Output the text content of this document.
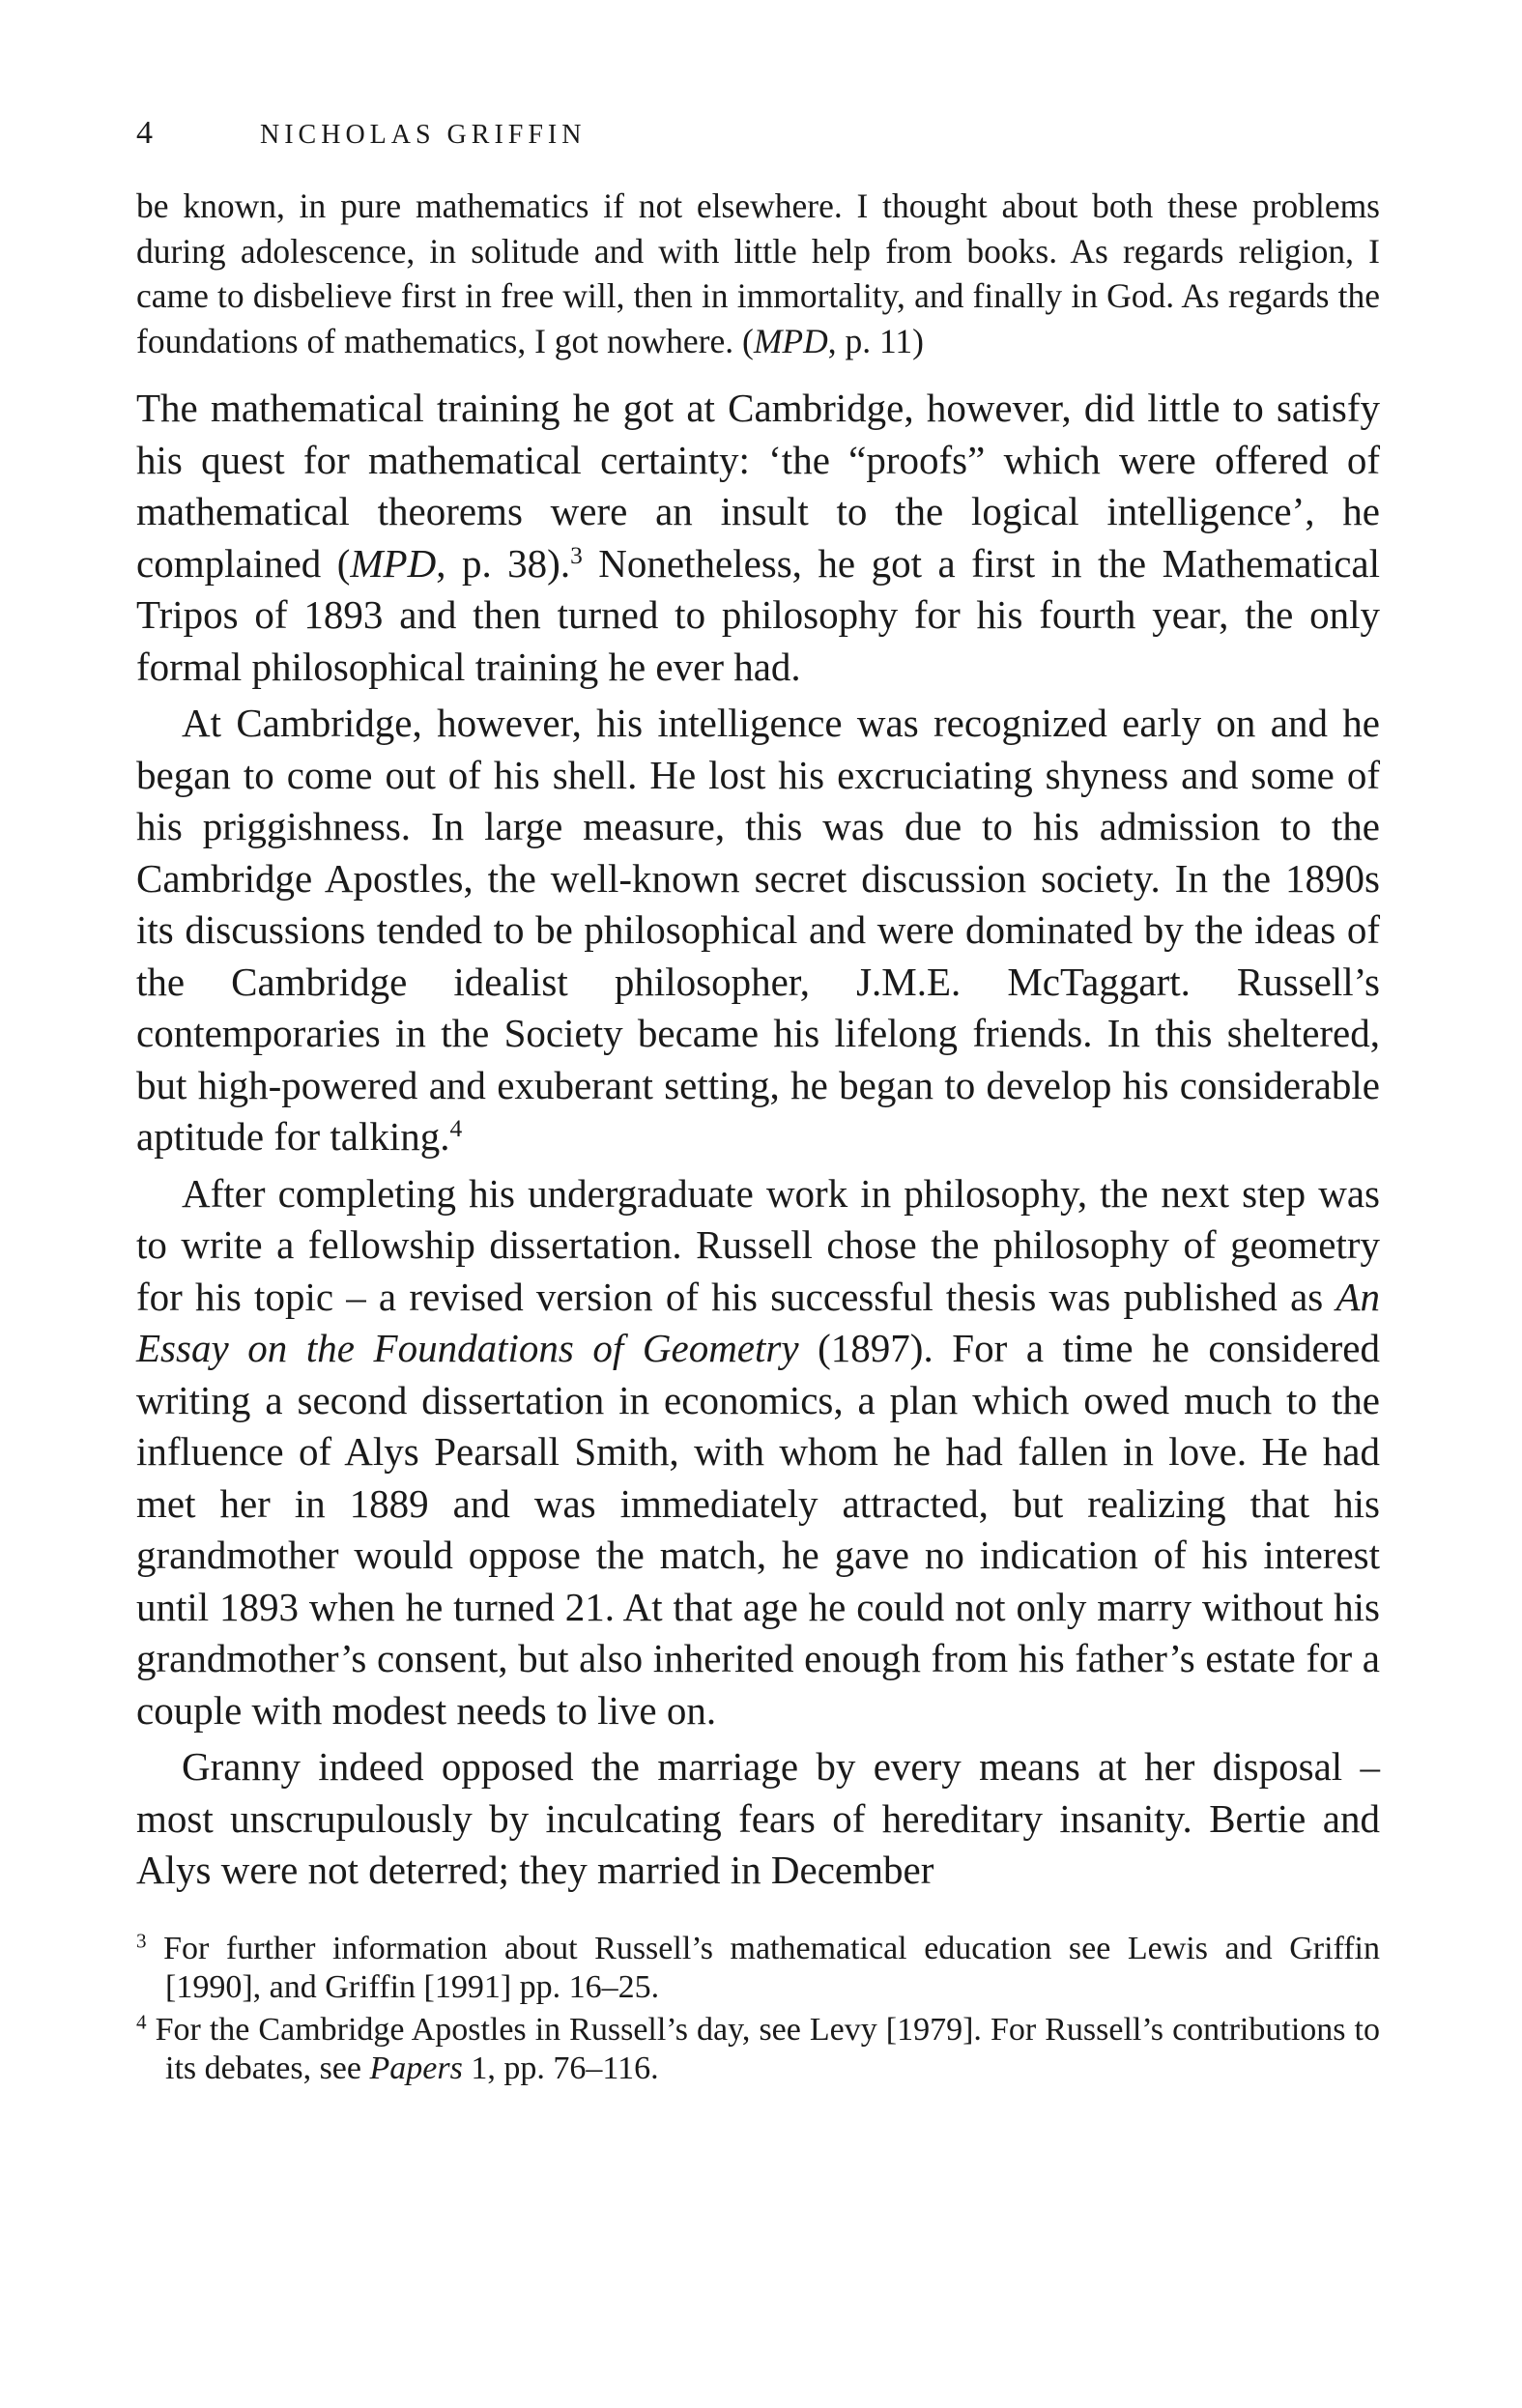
4	NICHOLAS GRIFFIN

be known, in pure mathematics if not elsewhere. I thought about both these problems during adolescence, in solitude and with little help from books. As regards religion, I came to disbelieve first in free will, then in immortality, and finally in God. As regards the foundations of mathematics, I got nowhere. (MPD, p. 11)

The mathematical training he got at Cambridge, however, did little to satisfy his quest for mathematical certainty: ‘the “proofs” which were offered of mathematical theorems were an insult to the logical intelligence’, he complained (MPD, p. 38).$^3$ Nonetheless, he got a first in the Mathematical Tripos of 1893 and then turned to philosophy for his fourth year, the only formal philosophical training he ever had.

At Cambridge, however, his intelligence was recognized early on and he began to come out of his shell. He lost his excruciating shyness and some of his priggishness. In large measure, this was due to his admission to the Cambridge Apostles, the well-known secret discussion society. In the 1890s its discussions tended to be philosophical and were dominated by the ideas of the Cambridge idealist philosopher, J.M.E. McTaggart. Russell’s contemporaries in the Society became his lifelong friends. In this sheltered, but high-powered and exuberant setting, he began to develop his considerable aptitude for talking.$^4$

After completing his undergraduate work in philosophy, the next step was to write a fellowship dissertation. Russell chose the philosophy of geometry for his topic – a revised version of his successful thesis was published as An Essay on the Foundations of Geometry (1897). For a time he considered writing a second dissertation in economics, a plan which owed much to the influence of Alys Pearsall Smith, with whom he had fallen in love. He had met her in 1889 and was immediately attracted, but realizing that his grandmother would oppose the match, he gave no indication of his interest until 1893 when he turned 21. At that age he could not only marry without his grandmother’s consent, but also inherited enough from his father’s estate for a couple with modest needs to live on.

Granny indeed opposed the marriage by every means at her disposal – most unscrupulously by inculcating fears of hereditary insanity. Bertie and Alys were not deterred; they married in December

$^3$ For further information about Russell’s mathematical education see Lewis and Griffin [1990], and Griffin [1991] pp. 16–25.

$^4$ For the Cambridge Apostles in Russell’s day, see Levy [1979]. For Russell’s contributions to its debates, see Papers 1, pp. 76–116.
